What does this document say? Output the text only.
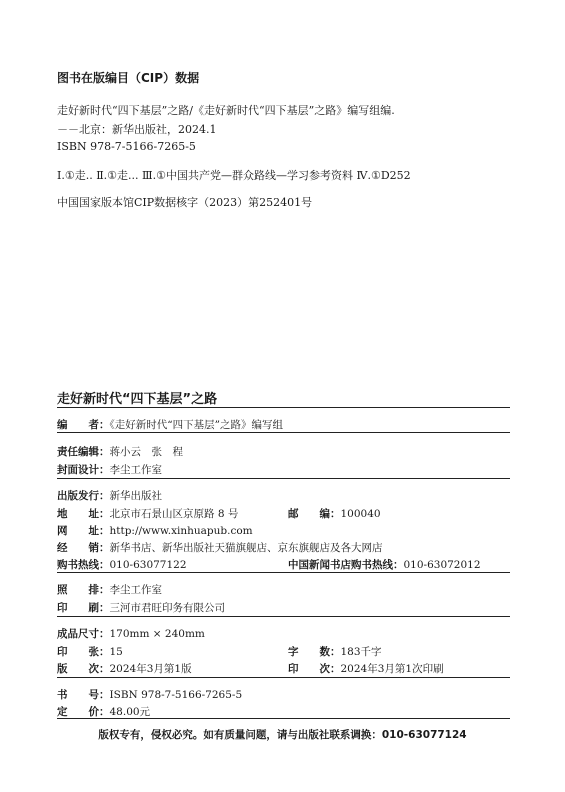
图书在版编目（CIP）数据
走好新时代“四下基层”之路/《走好新时代“四下基层”之路》编写组编.
－－北京：新华出版社，2024.1
ISBN 978-7-5166-7265-5
Ⅰ.①走.. Ⅱ.①走... Ⅲ.①中国共产党—群众路线—学习参考资料 Ⅳ.①D252
中国国家版本馆CIP数据核字（2023）第252401号
走好新时代“四下基层”之路
编　　者：《走好新时代“四下基层”之路》编写组
责任编辑：蒋小云　张　程
封面设计：李尘工作室
出版发行：新华出版社
地　　址：北京市石景山区京原路 8 号	邮　　编：100040
网　　址：http://www.xinhuapub.com
经　　销：新华书店、新华出版社天猫旗舰店、京东旗舰店及各大网店
购书热线：010-63077122	中国新闻书店购书热线：010-63072012
照　　排：李尘工作室
印　　刷：三河市君旺印务有限公司
成品尺寸：170mm × 240mm
印　　张：15	字　　数：183千字
版　　次：2024年3月第1版	印　　次：2024年3月第1次印刷
书　　号：ISBN 978-7-5166-7265-5
定　　价：48.00元
版权专有，侵权必究。如有质量问题，请与出版社联系调换：010-63077124
